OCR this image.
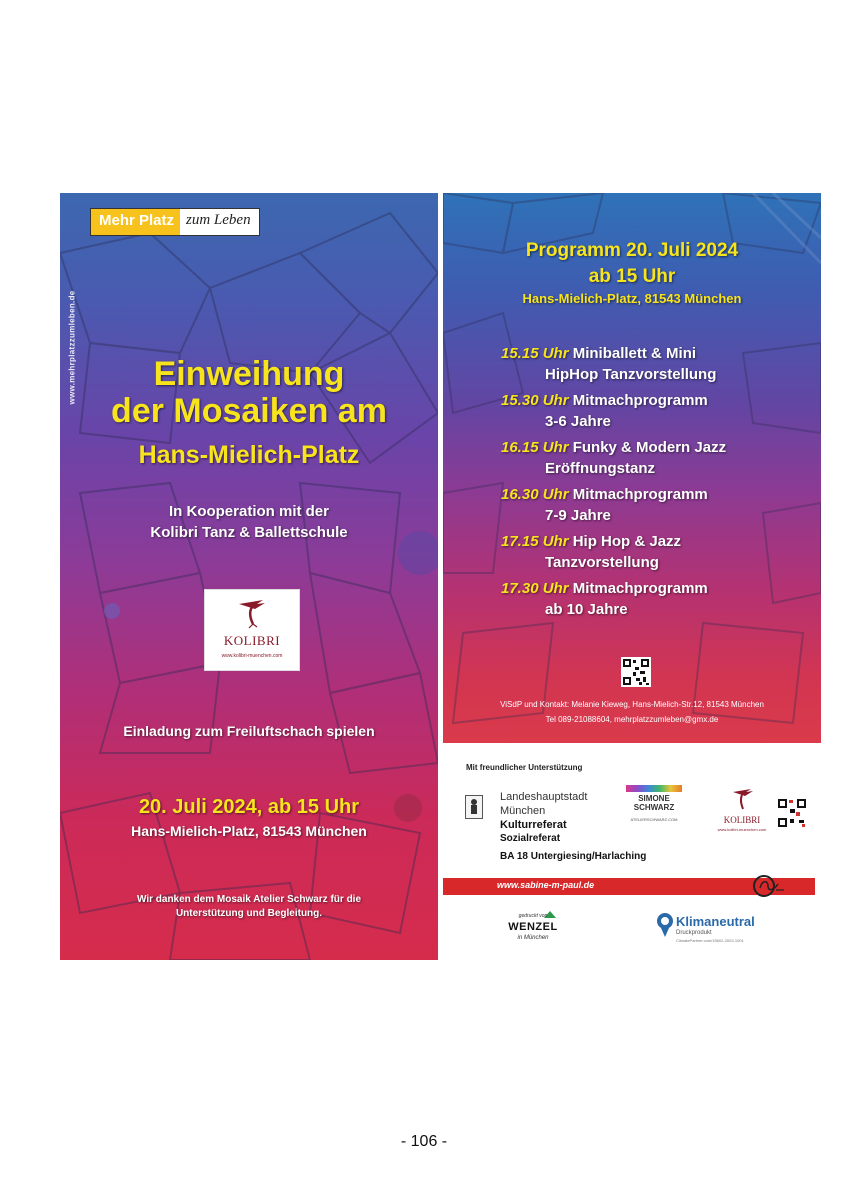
Mehr Platz zum Leben
www.mehrplatzzumleben.de	Einweihung
der Mosaiken am
Hans-Mielich-Platz
In Kooperation mit der
Kolibri Tanz & Ballettschule
KOLIBRI
www.kolibri-muenchen.com
Einladung zum Freiluftschach spielen
20. Juli 2024, ab 15 Uhr
Hans-Mielich-Platz, 81543 München
Wir danken dem Mosaik Atelier Schwarz für die
Unterstützung und Begleitung.
Programm 20. Juli 2024
ab 15 Uhr
Hans-Mielich-Platz, 81543 München
15.15 Uhr Miniballett & Mini
HipHop Tanzvorstellung
15.30 Uhr Mitmachprogramm
3-6 Jahre
16.15 Uhr Funky & Modern Jazz
Eröffnungstanz
16.30 Uhr Mitmachprogramm
7-9 Jahre
17.15 Uhr Hip Hop & Jazz
Tanzvorstellung
17.30 Uhr Mitmachprogramm
ab 10 Jahre
ViSdP und Kontakt: Melanie Kieweg, Hans-Mielich-Str.12, 81543 München
Tel 089-21088604, mehrplatzzumleben@gmx.de
Mit freundlicher Unterstützung
Landeshauptstadt
München
Kulturreferat
Sozialreferat
BA 18 Untergiesing/Harlaching
SIMONE
SCHWARZ
ATELIERSCHWARZ.COM	KOLIBRI
www.kolibri-muenchen.com
www.sabine-m-paul.de
gedruckt von
WENZEL
in München
Klimaneutral
Druckprodukt
ClimatePartner.com/15602-2003-1001
- 106 -
